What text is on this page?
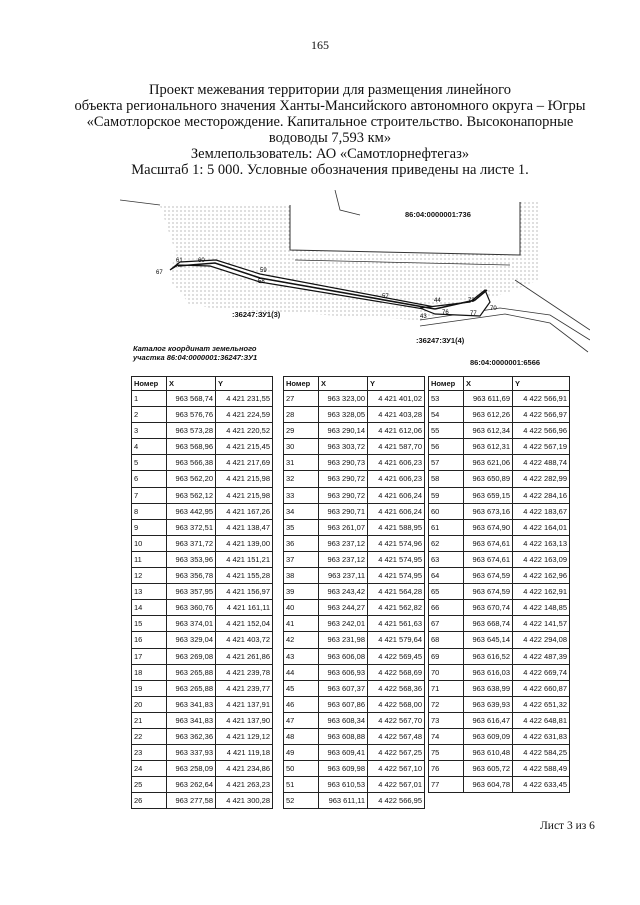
165
Проект межевания территории для размещения линейного
объекта регионального значения Ханты-Мансийского автономного округа – Югры
«Самотлорское месторождение. Капитальное строительство. Высоконапорные
водоводы 7,593 км»
Землепользователь: АО «Самотлорнефтегаз»
Масштаб 1: 5 000. Условные обозначения приведены на листе 1.
61	60
67	59
58
57
44
43
76	77
73
70
86:04:0000001:736
:36247:ЗУ1(3)
:36247:ЗУ1(4)
86:04:0000001:6566
Каталог координат земельного
участка 86:04:0000001:36247:ЗУ1
Номер	X	Y
1	963 568,74	4 421 231,55
2	963 576,76	4 421 224,59
3	963 573,28	4 421 220,52
4	963 568,96	4 421 215,45
5	963 566,38	4 421 217,69
6	963 562,20	4 421 215,98
7	963 562,12	4 421 215,98
8	963 442,95	4 421 167,26
9	963 372,51	4 421 138,47
10	963 371,72	4 421 139,00
11	963 353,96	4 421 151,21
12	963 356,78	4 421 155,28
13	963 357,95	4 421 156,97
14	963 360,76	4 421 161,11
15	963 374,01	4 421 152,04
16	963 329,04	4 421 403,72
17	963 269,08	4 421 261,86
18	963 265,88	4 421 239,78
19	963 265,88	4 421 239,77
20	963 341,83	4 421 137,91
21	963 341,83	4 421 137,90
22	963 362,36	4 421 129,12
23	963 337,93	4 421 119,18
24	963 258,09	4 421 234,86
25	963 262,64	4 421 263,23
26	963 277,58	4 421 300,28
Номер	X	Y
27	963 323,00	4 421 401,02
28	963 328,05	4 421 403,28
29	963 290,14	4 421 612,06
30	963 303,72	4 421 587,70
31	963 290,73	4 421 606,23
32	963 290,72	4 421 606,23
33	963 290,72	4 421 606,24
34	963 290,71	4 421 606,24
35	963 261,07	4 421 588,95
36	963 237,12	4 421 574,96
37	963 237,12	4 421 574,95
38	963 237,11	4 421 574,95
39	963 243,42	4 421 564,28
40	963 244,27	4 421 562,82
41	963 242,01	4 421 561,63
42	963 231,98	4 421 579,64
43	963 606,08	4 422 569,45
44	963 606,93	4 422 568,69
45	963 607,37	4 422 568,36
46	963 607,86	4 422 568,00
47	963 608,34	4 422 567,70
48	963 608,88	4 422 567,48
49	963 609,41	4 422 567,25
50	963 609,98	4 422 567,10
51	963 610,53	4 422 567,01
52	963 611,11	4 422 566,95
Номер	X	Y
53	963 611,69	4 422 566,91
54	963 612,26	4 422 566,97
55	963 612,34	4 422 566,96
56	963 612,31	4 422 567,19
57	963 621,06	4 422 488,74
58	963 650,89	4 422 282,99
59	963 659,15	4 422 284,16
60	963 673,16	4 422 183,67
61	963 674,90	4 422 164,01
62	963 674,61	4 422 163,13
63	963 674,61	4 422 163,09
64	963 674,59	4 422 162,96
65	963 674,59	4 422 162,91
66	963 670,74	4 422 148,85
67	963 668,74	4 422 141,57
68	963 645,14	4 422 294,08
69	963 616,52	4 422 487,39
70	963 616,03	4 422 669,74
71	963 638,99	4 422 660,87
72	963 639,93	4 422 651,32
73	963 616,47	4 422 648,81
74	963 609,09	4 422 631,83
75	963 610,48	4 422 584,25
76	963 605,72	4 422 588,49
77	963 604,78	4 422 633,45
Лист 3 из 6
